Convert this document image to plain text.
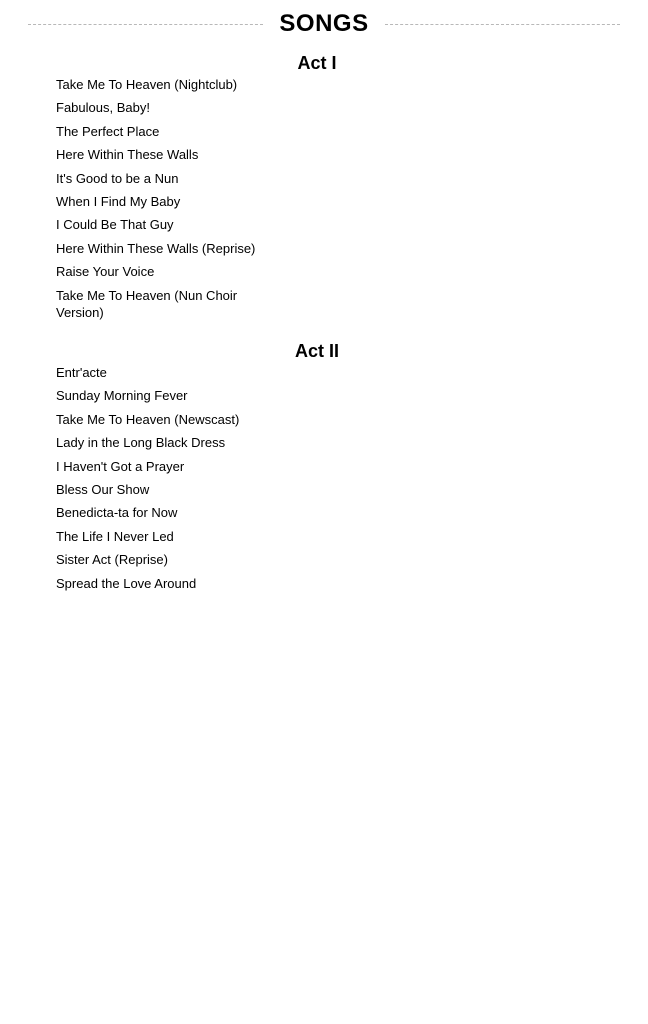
SONGS
Act I
Take Me To Heaven (Nightclub)
Fabulous, Baby!
The Perfect Place
Here Within These Walls
It's Good to be a Nun
When I Find My Baby
I Could Be That Guy
Here Within These Walls (Reprise)
Raise Your Voice
Take Me To Heaven (Nun Choir Version)
Act II
Entr'acte
Sunday Morning Fever
Take Me To Heaven (Newscast)
Lady in the Long Black Dress
I Haven't Got a Prayer
Bless Our Show
Benedicta-ta for Now
The Life I Never Led
Sister Act (Reprise)
Spread the Love Around
